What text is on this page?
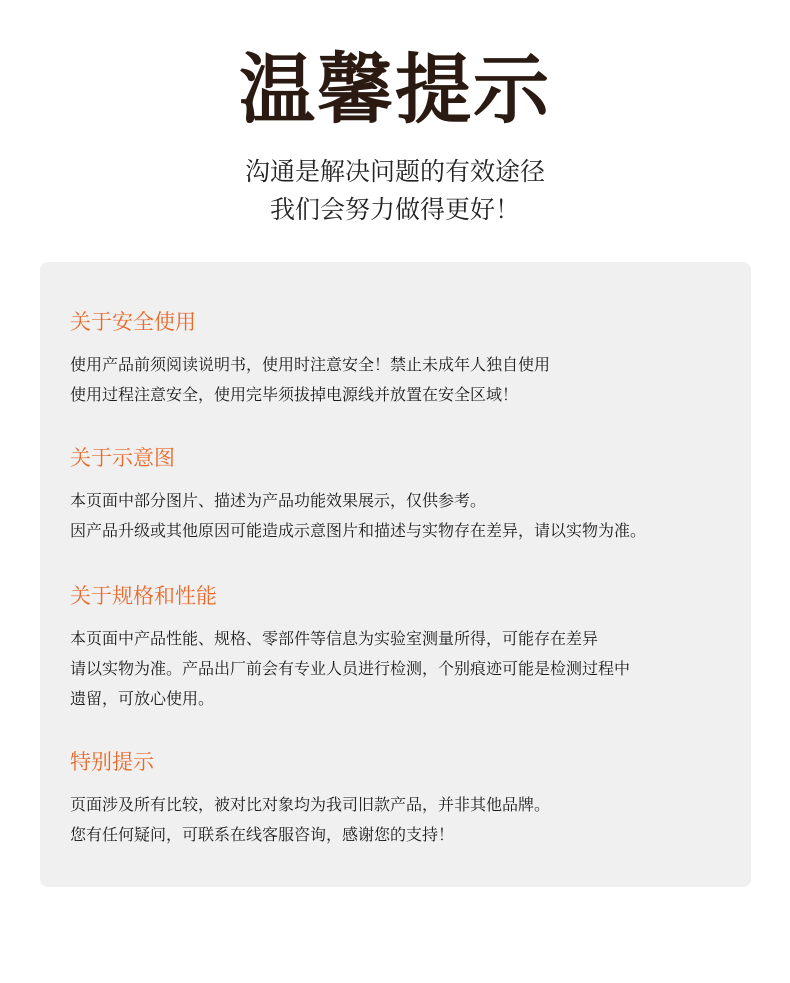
温馨提示
沟通是解决问题的有效途径
我们会努力做得更好！
关于安全使用
使用产品前须阅读说明书，使用时注意安全！禁止未成年人独自使用
使用过程注意安全，使用完毕须拔掉电源线并放置在安全区域！
关于示意图
本页面中部分图片、描述为产品功能效果展示，仅供参考。
因产品升级或其他原因可能造成示意图片和描述与实物存在差异，请以实物为准。
关于规格和性能
本页面中产品性能、规格、零部件等信息为实验室测量所得，可能存在差异
请以实物为准。产品出厂前会有专业人员进行检测，个别痕迹可能是检测过程中
遗留，可放心使用。
特别提示
页面涉及所有比较，被对比对象均为我司旧款产品，并非其他品牌。
您有任何疑问，可联系在线客服咨询，感谢您的支持！
